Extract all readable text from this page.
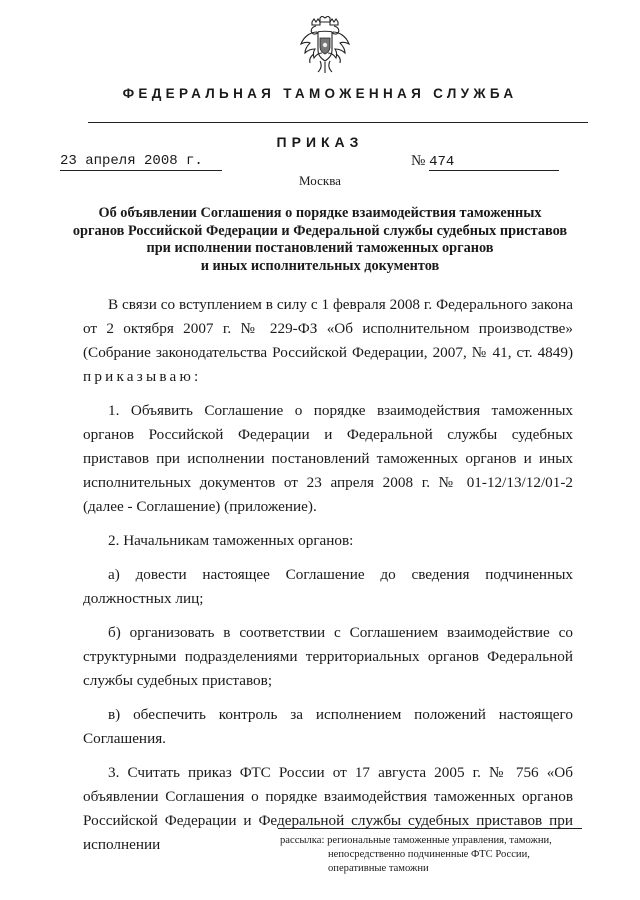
ФЕДЕРАЛЬНАЯ ТАМОЖЕННАЯ СЛУЖБА
ПРИКАЗ
23 апреля 2008 г.	№ 474
Москва
Об объявлении Соглашения о порядке взаимодействия таможенных
органов Российской Федерации и Федеральной службы судебных приставов
при исполнении постановлений таможенных органов
и иных исполнительных документов

В связи со вступлением в силу с 1 февраля 2008 г. Федерального закона от 2 октября 2007 г. № 229-ФЗ «Об исполнительном производстве» (Собрание законодательства Российской Федерации, 2007, № 41, ст. 4849) приказываю:

1. Объявить Соглашение о порядке взаимодействия таможенных органов Российской Федерации и Федеральной службы судебных приставов при исполнении постановлений таможенных органов и иных исполнительных документов от 23 апреля 2008 г. № 01-12/13/12/01-2 (далее - Соглашение) (приложение).

2. Начальникам таможенных органов:

а) довести настоящее Соглашение до сведения подчиненных должностных лиц;

б) организовать в соответствии с Соглашением взаимодействие со структурными подразделениями территориальных органов Федеральной службы судебных приставов;

в) обеспечить контроль за исполнением положений настоящего Соглашения.

3. Считать приказ ФТС России от 17 августа 2005 г. № 756 «Об объявлении Соглашения о порядке взаимодействия таможенных органов Российской Федерации и Федеральной службы судебных приставов при исполнении	рассылка: региональные таможенные управления, таможни,
непосредственно подчиненные ФТС России,
оперативные таможни
